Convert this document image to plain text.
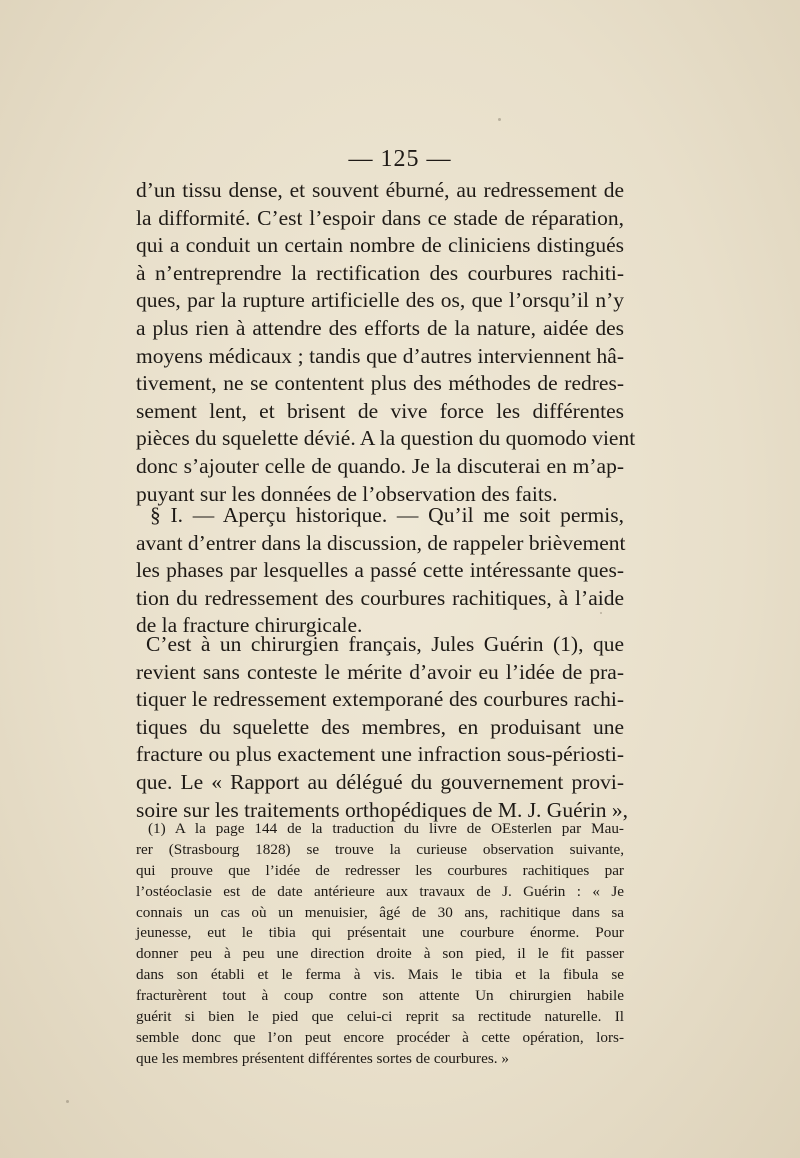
— 125 —
d’un tissu dense, et souvent éburné, au redressement de
la difformité. C’est l’espoir dans ce stade de réparation,
qui a conduit un certain nombre de cliniciens distingués
à n’entreprendre la rectification des courbures rachiti-
ques, par la rupture artificielle des os, que l’orsqu’il n’y
a plus rien à attendre des efforts de la nature, aidée des
moyens médicaux ; tandis que d’autres interviennent hâ-
tivement, ne se contentent plus des méthodes de redres-
sement lent, et brisent de vive force les différentes
pièces du squelette dévié. A la question du quomodo vient
donc s’ajouter celle de quando. Je la discuterai en m’ap-
puyant sur les données de l’observation des faits.
§ I. — Aperçu historique. — Qu’il me soit permis,
avant d’entrer dans la discussion, de rappeler brièvement
les phases par lesquelles a passé cette intéressante ques-
tion du redressement des courbures rachitiques, à l’aide
de la fracture chirurgicale.
C’est à un chirurgien français, Jules Guérin (1), que
revient sans conteste le mérite d’avoir eu l’idée de pra-
tiquer le redressement extemporané des courbures rachi-
tiques du squelette des membres, en produisant une
fracture ou plus exactement une infraction sous-périosti-
que. Le « Rapport au délégué du gouvernement provi-
soire sur les traitements orthopédiques de M. J. Guérin »,
(1) A la page 144 de la traduction du livre de OEsterlen par Mau-
rer (Strasbourg 1828) se trouve la curieuse observation suivante,
qui prouve que l’idée de redresser les courbures rachitiques par
l’ostéoclasie est de date antérieure aux travaux de J. Guérin : « Je
connais un cas où un menuisier, âgé de 30 ans, rachitique dans sa
jeunesse, eut le tibia qui présentait une courbure énorme. Pour
donner peu à peu une direction droite à son pied, il le fit passer
dans son établi et le ferma à vis. Mais le tibia et la fibula se
fracturèrent tout à coup contre son attente Un chirurgien habile
guérit si bien le pied que celui-ci reprit sa rectitude naturelle. Il
semble donc que l’on peut encore procéder à cette opération, lors-
que les membres présentent différentes sortes de courbures. »
